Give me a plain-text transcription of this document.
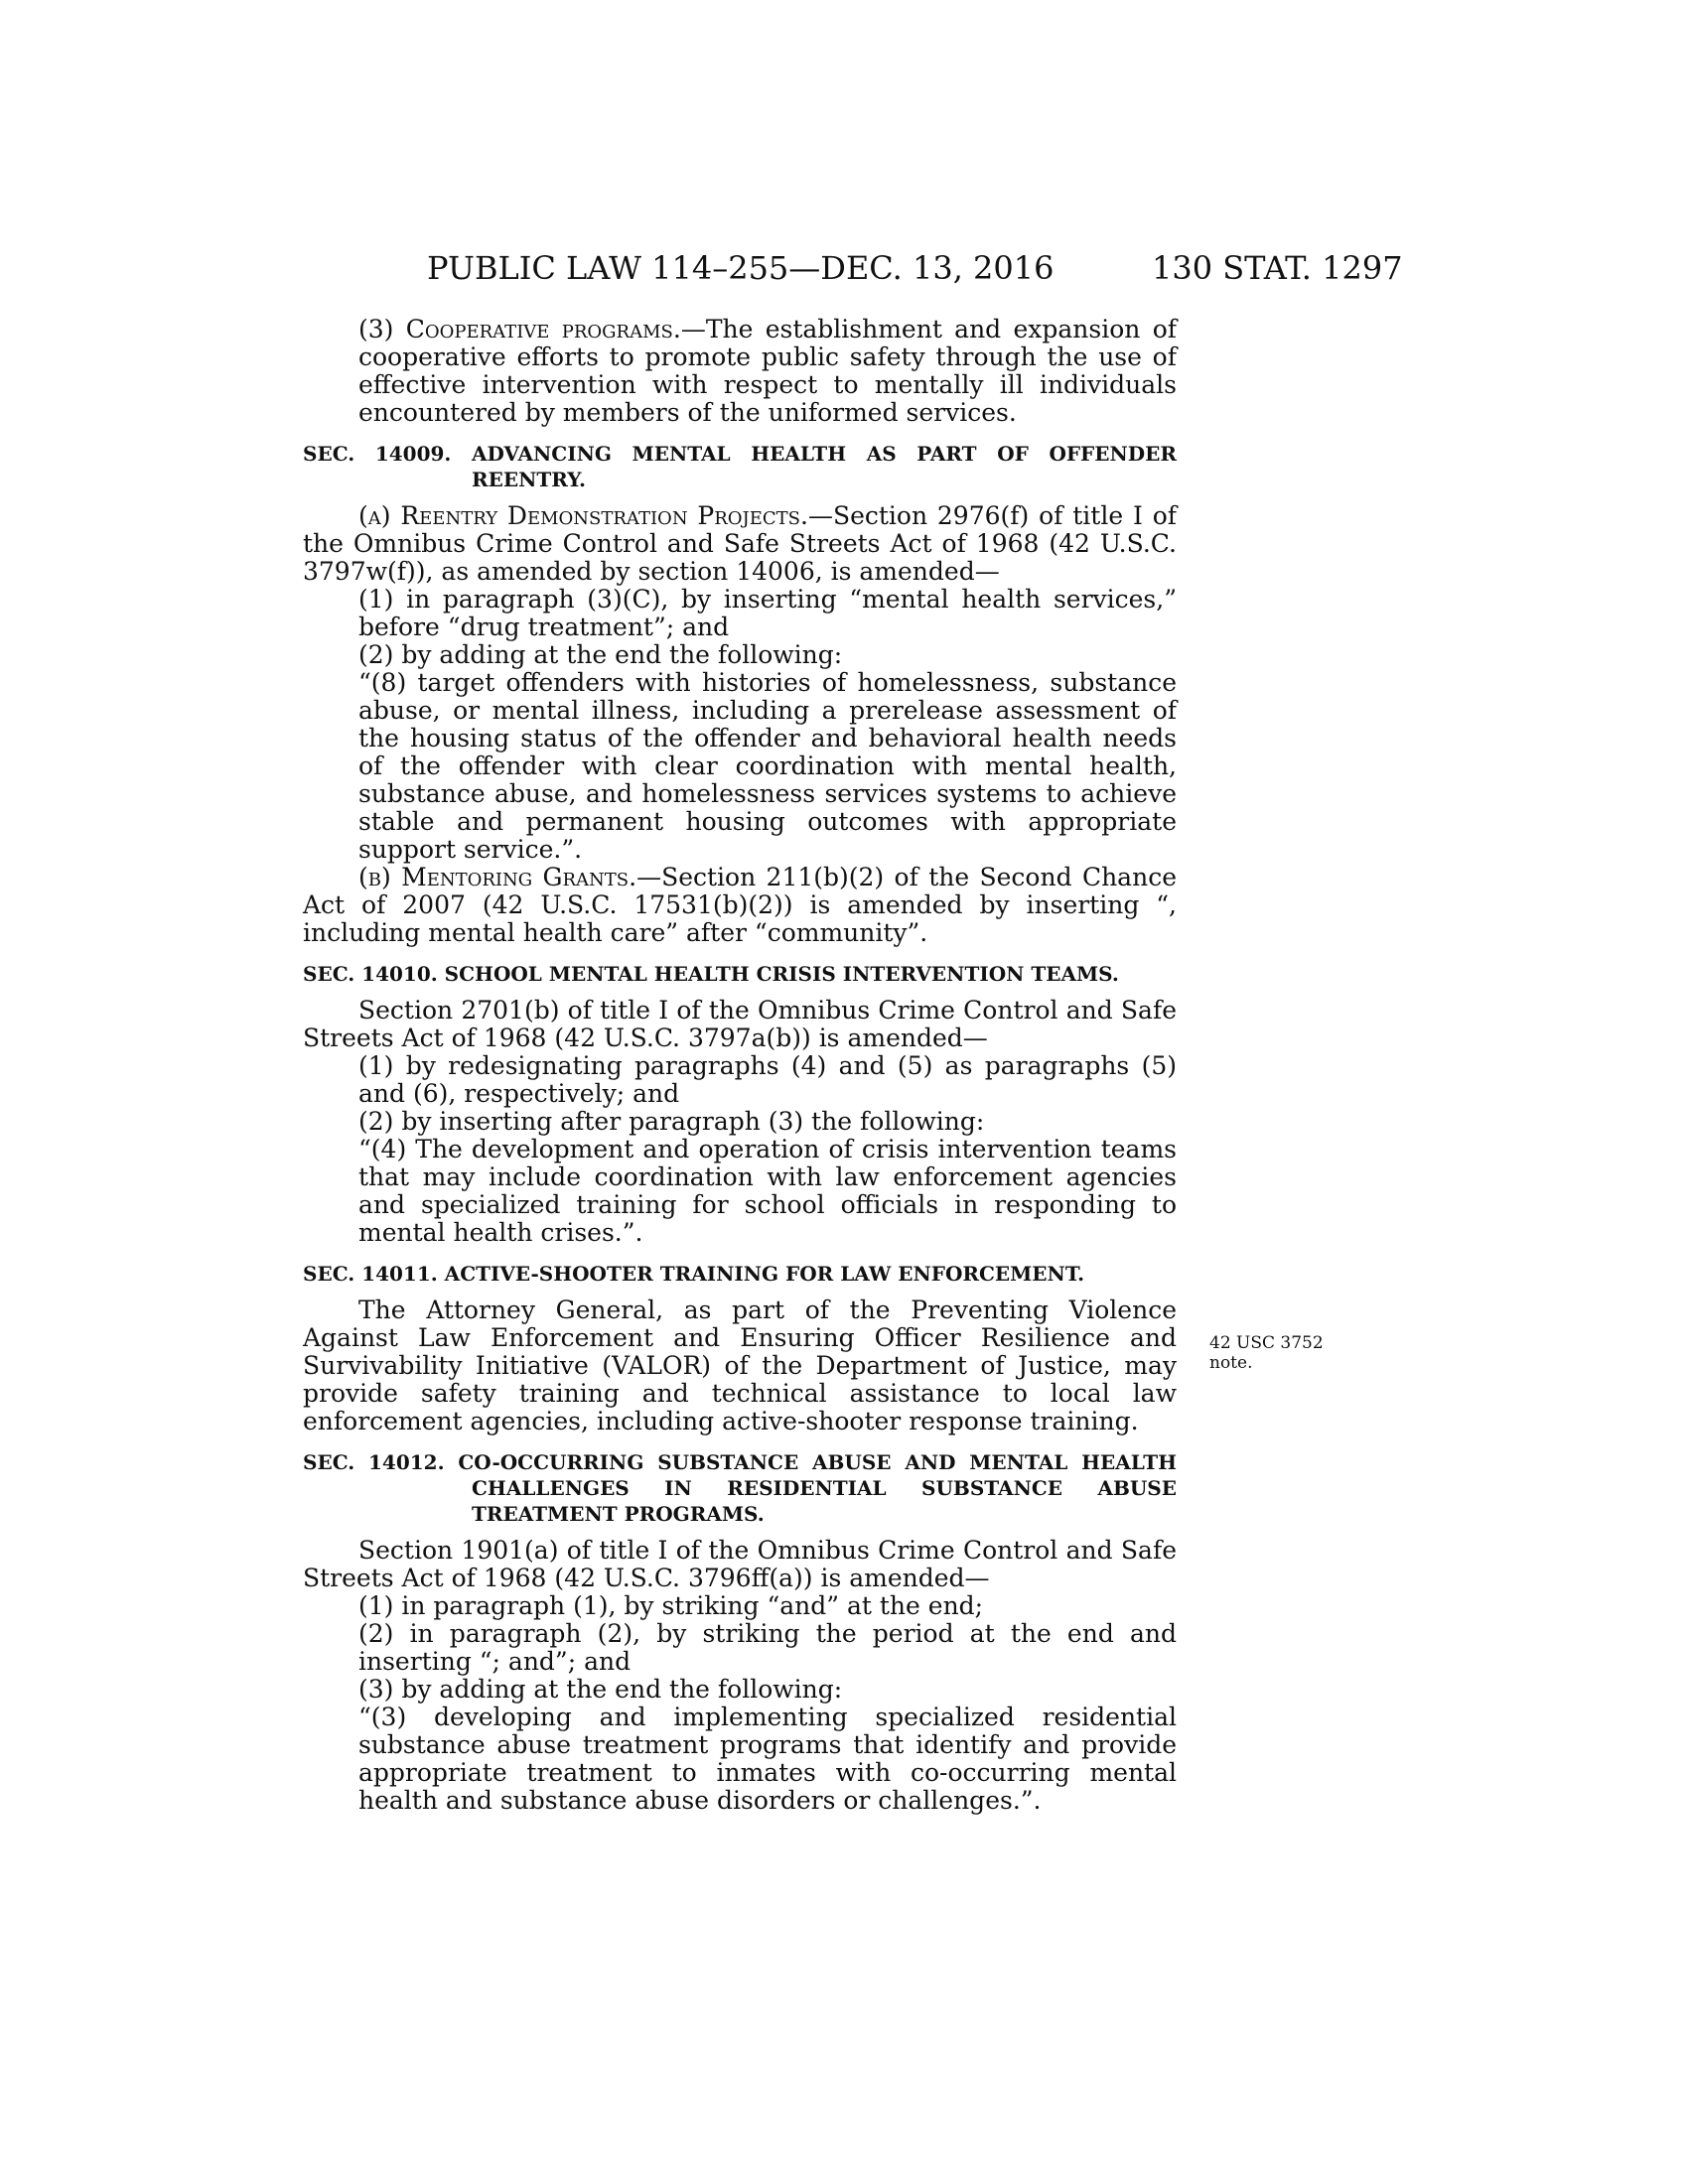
PUBLIC LAW 114–255—DEC. 13, 2016	130 STAT. 1297

(3) Cooperative programs.—The establishment and expansion of cooperative efforts to promote public safety through the use of effective intervention with respect to mentally ill individuals encountered by members of the uniformed services.

SEC. 14009. ADVANCING MENTAL HEALTH AS PART OF OFFENDER REENTRY.

(a) Reentry Demonstration Projects.—Section 2976(f) of title I of the Omnibus Crime Control and Safe Streets Act of 1968 (42 U.S.C. 3797w(f)), as amended by section 14006, is amended—

(1) in paragraph (3)(C), by inserting “mental health services,” before “drug treatment”; and

(2) by adding at the end the following:

“(8) target offenders with histories of homelessness, substance abuse, or mental illness, including a prerelease assessment of the housing status of the offender and behavioral health needs of the offender with clear coordination with mental health, substance abuse, and homelessness services systems to achieve stable and permanent housing outcomes with appropriate support service.”.

(b) Mentoring Grants.—Section 211(b)(2) of the Second Chance Act of 2007 (42 U.S.C. 17531(b)(2)) is amended by inserting “, including mental health care” after “community”.

SEC. 14010. SCHOOL MENTAL HEALTH CRISIS INTERVENTION TEAMS.

Section 2701(b) of title I of the Omnibus Crime Control and Safe Streets Act of 1968 (42 U.S.C. 3797a(b)) is amended—

(1) by redesignating paragraphs (4) and (5) as paragraphs (5) and (6), respectively; and

(2) by inserting after paragraph (3) the following:

“(4) The development and operation of crisis intervention teams that may include coordination with law enforcement agencies and specialized training for school officials in responding to mental health crises.”.

SEC. 14011. ACTIVE-SHOOTER TRAINING FOR LAW ENFORCEMENT.

The Attorney General, as part of the Preventing Violence Against Law Enforcement and Ensuring Officer Resilience and Survivability Initiative (VALOR) of the Department of Justice, may provide safety training and technical assistance to local law enforcement agencies, including active-shooter response training.

SEC. 14012. CO-OCCURRING SUBSTANCE ABUSE AND MENTAL HEALTH CHALLENGES IN RESIDENTIAL SUBSTANCE ABUSE TREATMENT PROGRAMS.

Section 1901(a) of title I of the Omnibus Crime Control and Safe Streets Act of 1968 (42 U.S.C. 3796ff(a)) is amended—

(1) in paragraph (1), by striking “and” at the end;

(2) in paragraph (2), by striking the period at the end and inserting “; and”; and

(3) by adding at the end the following:

“(3) developing and implementing specialized residential substance abuse treatment programs that identify and provide appropriate treatment to inmates with co-occurring mental health and substance abuse disorders or challenges.”.

42 USC 3752
note.
